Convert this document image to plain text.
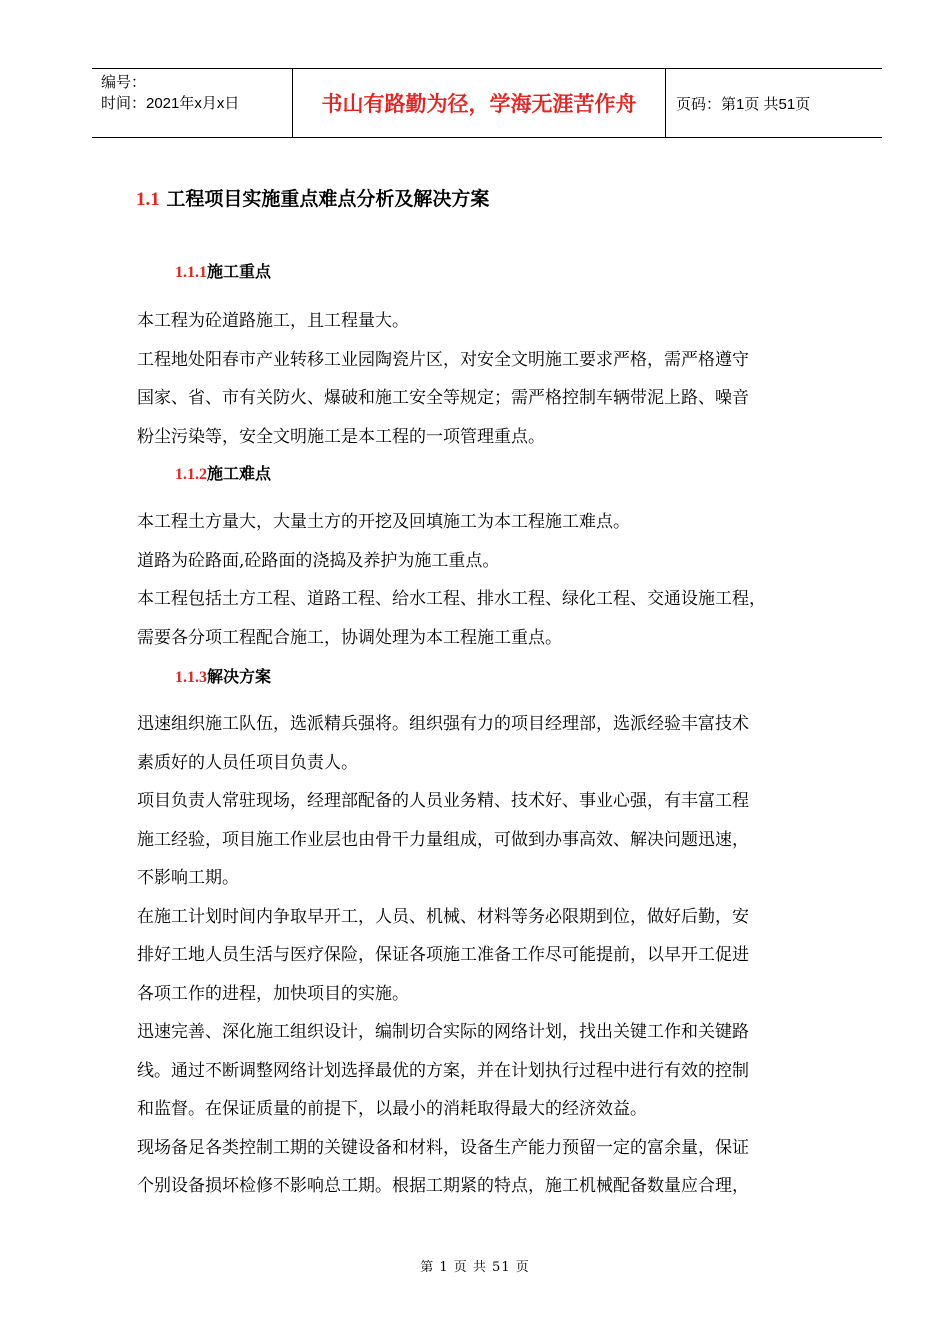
编号：
时间：2021年x月x日	书山有路勤为径，学海无涯苦作舟	页码：第1页 共51页
1.1 工程项目实施重点难点分析及解决方案
1.1.1施工重点
本工程为砼道路施工，且工程量大。
工程地处阳春市产业转移工业园陶瓷片区，对安全文明施工要求严格，需严格遵守
国家、省、市有关防火、爆破和施工安全等规定；需严格控制车辆带泥上路、噪音
粉尘污染等，安全文明施工是本工程的一项管理重点。
1.1.2施工难点
本工程土方量大，大量土方的开挖及回填施工为本工程施工难点。
道路为砼路面,砼路面的浇捣及养护为施工重点。
本工程包括土方工程、道路工程、给水工程、排水工程、绿化工程、交通设施工程，
需要各分项工程配合施工，协调处理为本工程施工重点。
1.1.3解决方案
迅速组织施工队伍，选派精兵强将。组织强有力的项目经理部，选派经验丰富技术
素质好的人员任项目负责人。
项目负责人常驻现场，经理部配备的人员业务精、技术好、事业心强，有丰富工程
施工经验，项目施工作业层也由骨干力量组成，可做到办事高效、解决问题迅速，
不影响工期。
在施工计划时间内争取早开工，人员、机械、材料等务必限期到位，做好后勤，安
排好工地人员生活与医疗保险，保证各项施工准备工作尽可能提前，以早开工促进
各项工作的进程，加快项目的实施。
迅速完善、深化施工组织设计，编制切合实际的网络计划，找出关键工作和关键路
线。通过不断调整网络计划选择最优的方案，并在计划执行过程中进行有效的控制
和监督。在保证质量的前提下，以最小的消耗取得最大的经济效益。
现场备足各类控制工期的关键设备和材料，设备生产能力预留一定的富余量，保证
个别设备损坏检修不影响总工期。根据工期紧的特点，施工机械配备数量应合理，
第 1 页 共 51 页
